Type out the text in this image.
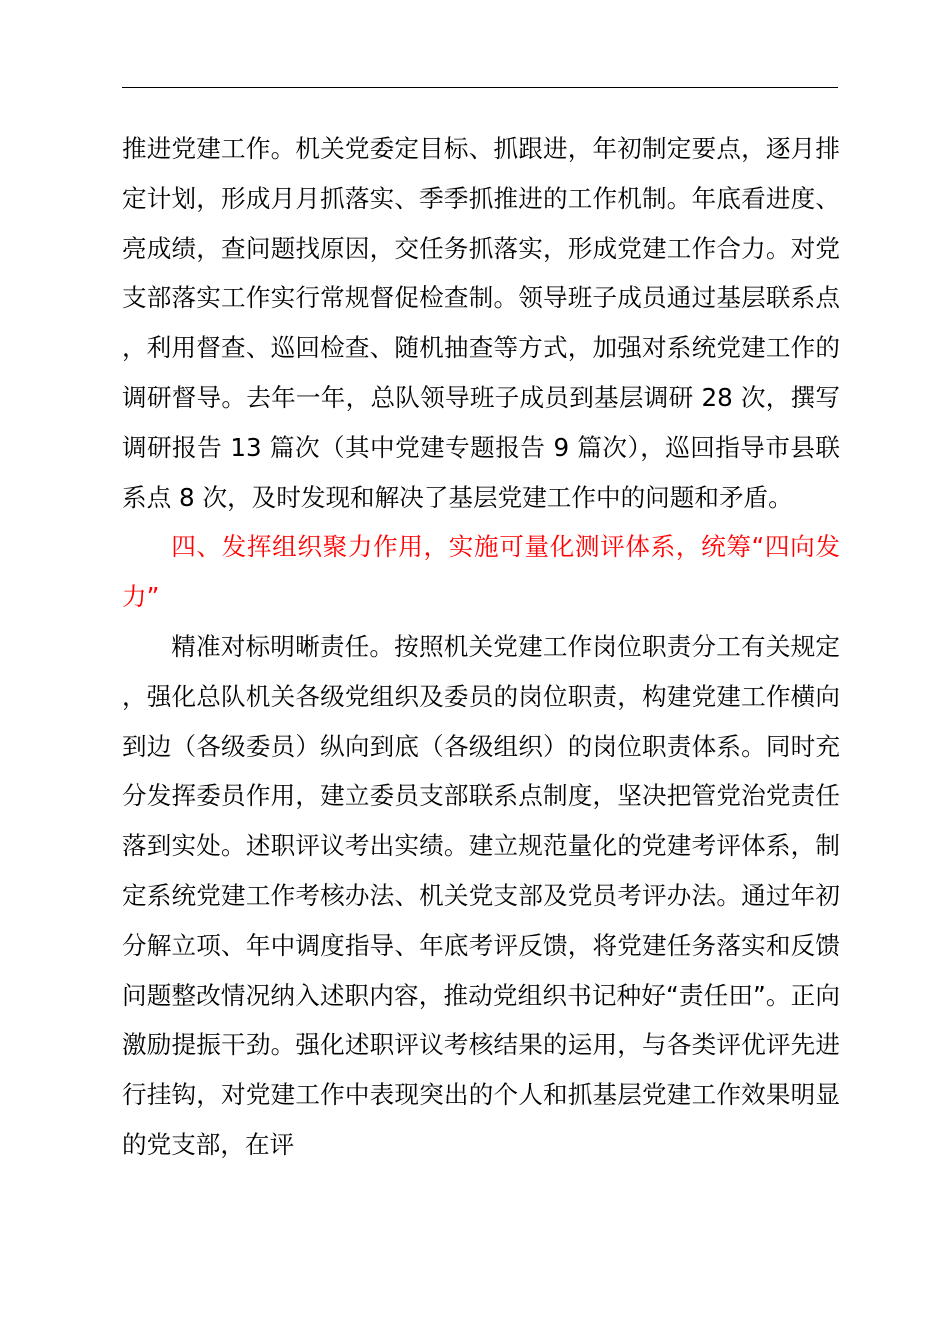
推进党建工作。机关党委定目标、抓跟进，年初制定要点，逐月排定计划，形成月月抓落实、季季抓推进的工作机制。年底看进度、亮成绩，查问题找原因，交任务抓落实，形成党建工作合力。对党支部落实工作实行常规督促检查制。领导班子成员通过基层联系点，利用督查、巡回检查、随机抽查等方式，加强对系统党建工作的调研督导。去年一年，总队领导班子成员到基层调研 28 次，撰写调研报告 13 篇次（其中党建专题报告 9 篇次），巡回指导市县联系点 8 次，及时发现和解决了基层党建工作中的问题和矛盾。

四、发挥组织聚力作用，实施可量化测评体系，统筹“四向发力”

精准对标明晰责任。按照机关党建工作岗位职责分工有关规定，强化总队机关各级党组织及委员的岗位职责，构建党建工作横向到边（各级委员）纵向到底（各级组织）的岗位职责体系。同时充分发挥委员作用，建立委员支部联系点制度，坚决把管党治党责任落到实处。述职评议考出实绩。建立规范量化的党建考评体系，制定系统党建工作考核办法、机关党支部及党员考评办法。通过年初分解立项、年中调度指导、年底考评反馈，将党建任务落实和反馈问题整改情况纳入述职内容，推动党组织书记种好“责任田”。正向激励提振干劲。强化述职评议考核结果的运用，与各类评优评先进行挂钩，对党建工作中表现突出的个人和抓基层党建工作效果明显的党支部，在评
